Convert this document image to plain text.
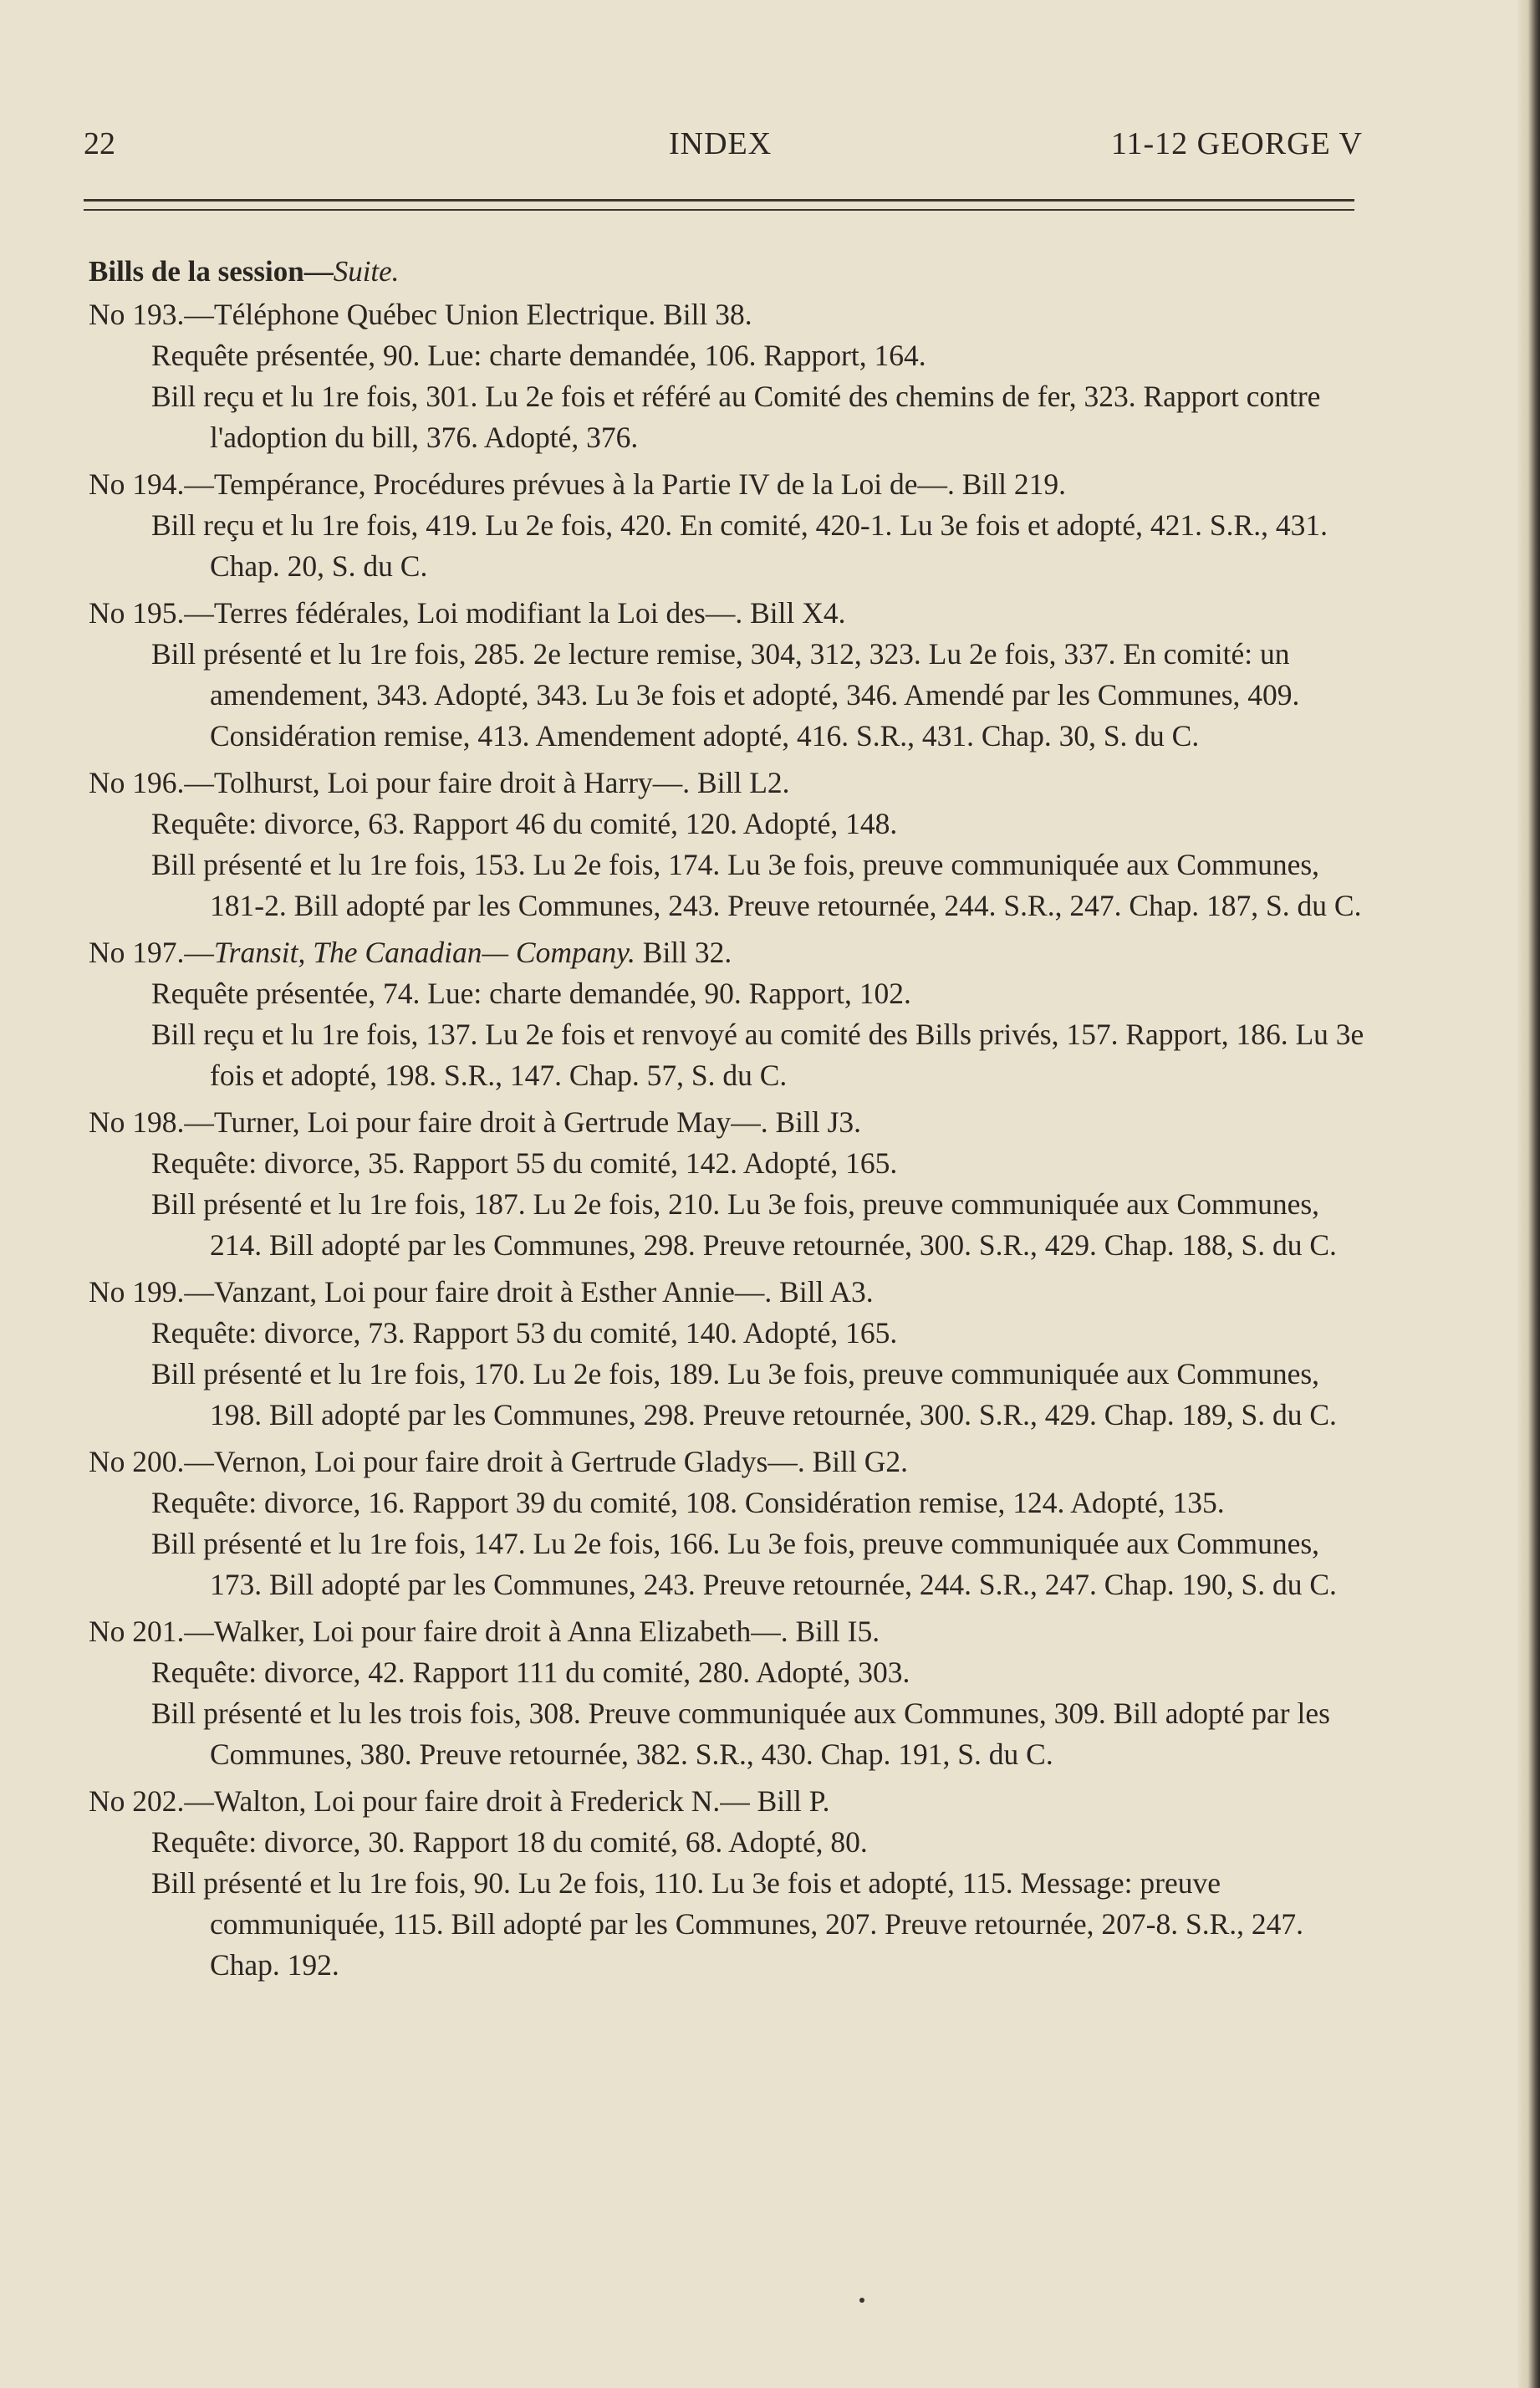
22	INDEX	11-12 GEORGE V
Bills de la session—Suite.
No 193.—Téléphone Québec Union Electrique. Bill 38.
Requête présentée, 90. Lue: charte demandée, 106. Rapport, 164.
Bill reçu et lu 1re fois, 301. Lu 2e fois et référé au Comité des chemins de fer, 323. Rapport contre l'adoption du bill, 376. Adopté, 376.
No 194.—Tempérance, Procédures prévues à la Partie IV de la Loi de—. Bill 219.
Bill reçu et lu 1re fois, 419. Lu 2e fois, 420. En comité, 420-1. Lu 3e fois et adopté, 421. S.R., 431. Chap. 20, S. du C.
No 195.—Terres fédérales, Loi modifiant la Loi des—. Bill X4.
Bill présenté et lu 1re fois, 285. 2e lecture remise, 304, 312, 323. Lu 2e fois, 337. En comité: un amendement, 343. Adopté, 343. Lu 3e fois et adopté, 346. Amendé par les Communes, 409. Considération remise, 413. Amendement adopté, 416. S.R., 431. Chap. 30, S. du C.
No 196.—Tolhurst, Loi pour faire droit à Harry—. Bill L2.
Requête: divorce, 63. Rapport 46 du comité, 120. Adopté, 148.
Bill présenté et lu 1re fois, 153. Lu 2e fois, 174. Lu 3e fois, preuve communiquée aux Communes, 181-2. Bill adopté par les Communes, 243. Preuve retournée, 244. S.R., 247. Chap. 187, S. du C.
No 197.—Transit, The Canadian— Company. Bill 32.
Requête présentée, 74. Lue: charte demandée, 90. Rapport, 102.
Bill reçu et lu 1re fois, 137. Lu 2e fois et renvoyé au comité des Bills privés, 157. Rapport, 186. Lu 3e fois et adopté, 198. S.R., 147. Chap. 57, S. du C.
No 198.—Turner, Loi pour faire droit à Gertrude May—. Bill J3.
Requête: divorce, 35. Rapport 55 du comité, 142. Adopté, 165.
Bill présenté et lu 1re fois, 187. Lu 2e fois, 210. Lu 3e fois, preuve communiquée aux Communes, 214. Bill adopté par les Communes, 298. Preuve retournée, 300. S.R., 429. Chap. 188, S. du C.
No 199.—Vanzant, Loi pour faire droit à Esther Annie—. Bill A3.
Requête: divorce, 73. Rapport 53 du comité, 140. Adopté, 165.
Bill présenté et lu 1re fois, 170. Lu 2e fois, 189. Lu 3e fois, preuve communiquée aux Communes, 198. Bill adopté par les Communes, 298. Preuve retournée, 300. S.R., 429. Chap. 189, S. du C.
No 200.—Vernon, Loi pour faire droit à Gertrude Gladys—. Bill G2.
Requête: divorce, 16. Rapport 39 du comité, 108. Considération remise, 124. Adopté, 135.
Bill présenté et lu 1re fois, 147. Lu 2e fois, 166. Lu 3e fois, preuve communiquée aux Communes, 173. Bill adopté par les Communes, 243. Preuve retournée, 244. S.R., 247. Chap. 190, S. du C.
No 201.—Walker, Loi pour faire droit à Anna Elizabeth—. Bill I5.
Requête: divorce, 42. Rapport 111 du comité, 280. Adopté, 303.
Bill présenté et lu les trois fois, 308. Preuve communiquée aux Communes, 309. Bill adopté par les Communes, 380. Preuve retournée, 382. S.R., 430. Chap. 191, S. du C.
No 202.—Walton, Loi pour faire droit à Frederick N.— Bill P.
Requête: divorce, 30. Rapport 18 du comité, 68. Adopté, 80.
Bill présenté et lu 1re fois, 90. Lu 2e fois, 110. Lu 3e fois et adopté, 115. Message: preuve communiquée, 115. Bill adopté par les Communes, 207. Preuve retournée, 207-8. S.R., 247. Chap. 192.
